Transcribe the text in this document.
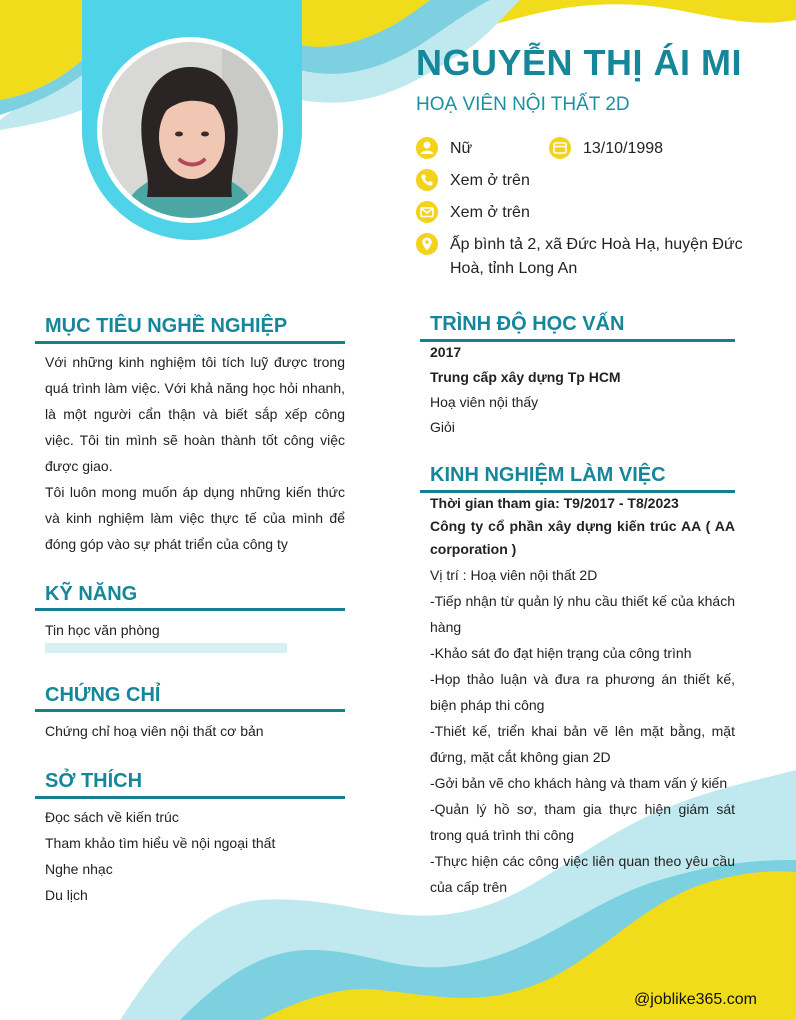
NGUYỄN THỊ ÁI MI
HOẠ VIÊN NỘI THẤT 2D
Nữ	13/10/1998
Xem ở trên
Xem ở trên
Ấp bình tả 2, xã Đức Hoà Hạ, huyện Đức
Hoà, tỉnh Long An
MỤC TIÊU NGHỀ NGHIỆP
Với những kinh nghiệm tôi tích luỹ được trong quá trình làm việc. Với khả năng học hỏi nhanh, là một người cẩn thận và biết sắp xếp công việc. Tôi tin mình sẽ hoàn thành tốt công việc được giao.
Tôi luôn mong muốn áp dụng những kiến thức và kinh nghiệm làm việc thực tế của mình để đóng góp vào sự phát triển của công ty
KỸ NĂNG
Tin học văn phòng
CHỨNG CHỈ
Chứng chỉ hoạ viên nội thất cơ bản
SỞ THÍCH
Đọc sách về kiến trúc
Tham khảo tìm hiểu về nội ngoại thất
Nghe nhạc
Du lịch
TRÌNH ĐỘ HỌC VẤN
2017
Trung cấp xây dựng Tp HCM
Hoạ viên nội thấy
Giỏi
KINH NGHIỆM LÀM VIỆC
Thời gian tham gia: T9/2017 - T8/2023
Công ty cổ phần xây dựng kiến trúc AA ( AA corporation )
Vị trí : Hoạ viên nội thất 2D
-Tiếp nhận từ quản lý nhu cầu thiết kế của khách hàng
-Khảo sát đo đạt hiện trạng của công trình
-Họp thảo luận và đưa ra phương án thiết kế, biện pháp thi công
-Thiết kế, triển khai bản vẽ lên mặt bằng, mặt đứng, mặt cắt không gian 2D
-Gởi bản vẽ cho khách hàng và tham vấn ý kiến
-Quản lý hồ sơ, tham gia thực hiện giám sát trong quá trình thi công
-Thực hiện các công việc liên quan theo yêu cầu của cấp trên
@joblike365.com
